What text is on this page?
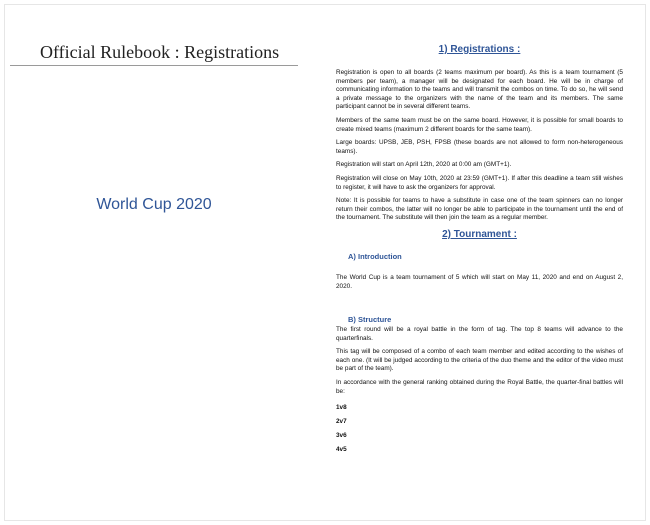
Official Rulebook : Registrations
World Cup 2020
1) Registrations :

Registration is open to all boards (2 teams maximum per board). As this is a team tournament (5 members per team), a manager will be designated for each board. He will be in charge of communicating information to the teams and will transmit the combos on time. To do so, he will send a private message to the organizers with the name of the team and its members. The same participant cannot be in several different teams.

Members of the same team must be on the same board. However, it is possible for small boards to create mixed teams (maximum 2 different boards for the same team).

Large boards: UPSB, JEB, PSH, FPSB (these boards are not allowed to form non-heterogeneous teams).

Registration will start on April 12th, 2020 at 0:00 am (GMT+1).

Registration will close on May 10th, 2020 at 23:59 (GMT+1). If after this deadline a team still wishes to register, it will have to ask the organizers for approval.

Note: It is possible for teams to have a substitute in case one of the team spinners can no longer return their combos, the latter will no longer be able to participate in the tournament until the end of the tournament. The substitute will then join the team as a regular member.

2) Tournament :
A) Introduction

The World Cup is a team tournament of 5 which will start on May 11, 2020 and end on August 2, 2020.

B) Structure

The first round will be a royal battle in the form of tag. The top 8 teams will advance to the quarterfinals.

This tag will be composed of a combo of each team member and edited according to the wishes of each one. (It will be judged according to the criteria of the duo theme and the editor of the video must be part of the team).

In accordance with the general ranking obtained during the Royal Battle, the quarter-final battles will be:

1v8
2v7
3v6
4v5
